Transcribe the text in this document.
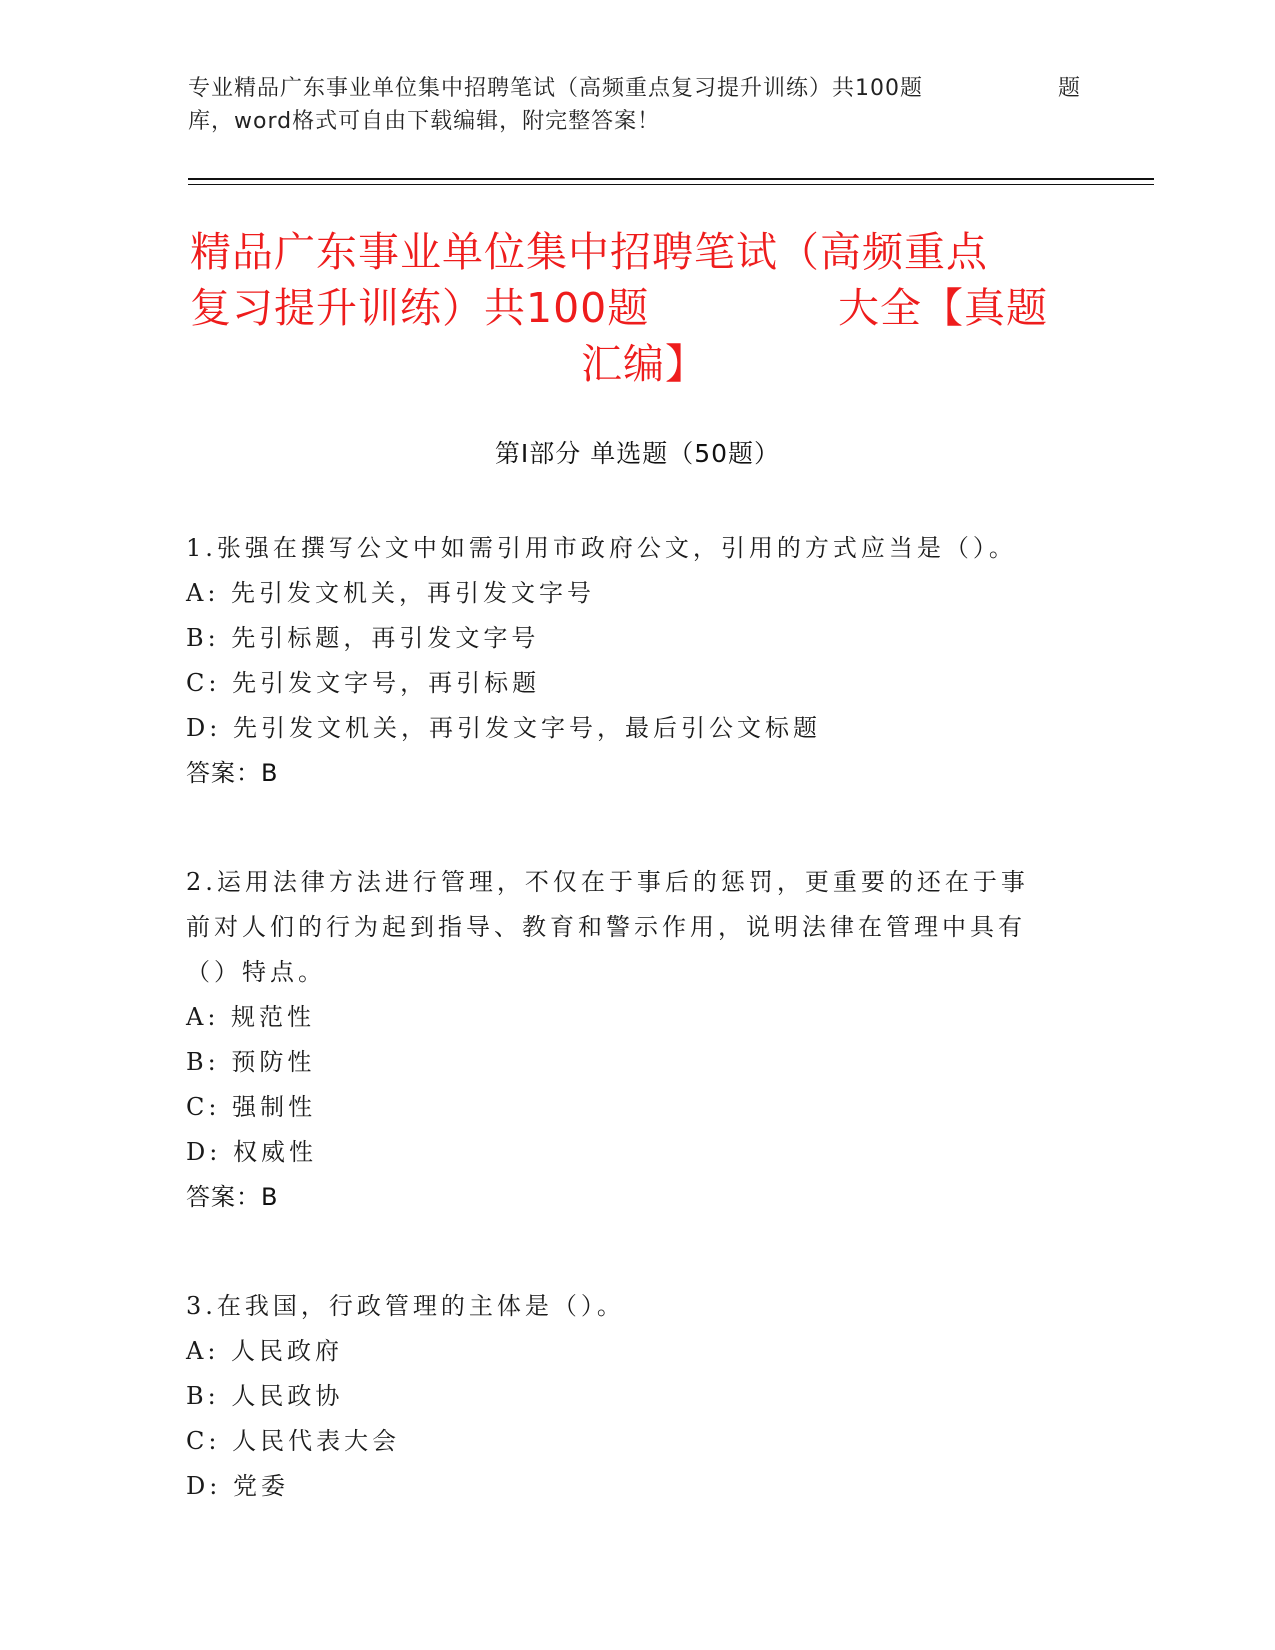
专业精品广东事业单位集中招聘笔试（高频重点复习提升训练）共100题	题
库，word格式可自由下载编辑，附完整答案！
精品广东事业单位集中招聘笔试（高频重点
复习提升训练）共100题	大全【真题
汇编】
第Ⅰ部分 单选题（50题）
1.张强在撰写公文中如需引用市政府公文，引用的方式应当是（）。
A: 先引发文机关，再引发文字号
B: 先引标题，再引发文字号
C: 先引发文字号，再引标题
D: 先引发文机关，再引发文字号，最后引公文标题
答案：B
2.运用法律方法进行管理，不仅在于事后的惩罚，更重要的还在于事
前对人们的行为起到指导、教育和警示作用，说明法律在管理中具有
（）特点。
A: 规范性
B: 预防性
C: 强制性
D: 权威性
答案：B
3.在我国，行政管理的主体是（）。
A: 人民政府
B: 人民政协
C: 人民代表大会
D: 党委
